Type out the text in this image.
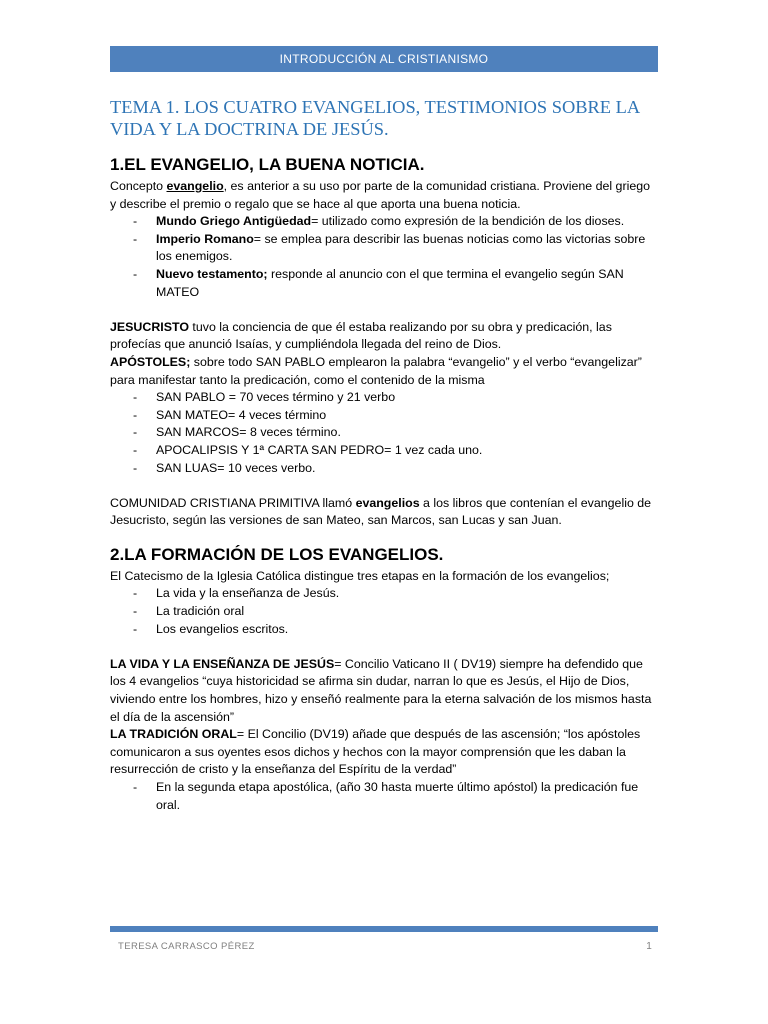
INTRODUCCIÓN AL CRISTIANISMO
TEMA 1. LOS CUATRO EVANGELIOS, TESTIMONIOS SOBRE LA VIDA Y LA DOCTRINA DE JESÚS.
1.EL EVANGELIO, LA BUENA NOTICIA.

Concepto evangelio, es anterior a su uso por parte de la comunidad cristiana. Proviene del griego y describe el premio o regalo que se hace al que aporta una buena noticia.

- Mundo Griego Antigüedad= utilizado como expresión de la bendición de los dioses.
- Imperio Romano= se emplea para describir las buenas noticias como las victorias sobre los enemigos.
- Nuevo testamento; responde al anuncio con el que termina el evangelio según SAN MATEO

JESUCRISTO tuvo la conciencia de que él estaba realizando por su obra y predicación, las profecías que anunció Isaías, y cumpliéndola llegada del reino de Dios.

APÓSTOLES; sobre todo SAN PABLO emplearon la palabra “evangelio” y el verbo “evangelizar” para manifestar tanto la predicación, como el contenido de la misma

- SAN PABLO = 70 veces término y 21 verbo
- SAN MATEO= 4 veces término
- SAN MARCOS= 8 veces término.
- APOCALIPSIS Y 1ª CARTA SAN PEDRO= 1 vez cada uno.
- SAN LUAS= 10 veces verbo.

COMUNIDAD CRISTIANA PRIMITIVA llamó evangelios a los libros que contenían el evangelio de Jesucristo, según las versiones de san Mateo, san Marcos, san Lucas y san Juan.

2.LA FORMACIÓN DE LOS EVANGELIOS.

El Catecismo de la Iglesia Católica distingue tres etapas en la formación de los evangelios;

- La vida y la enseñanza de Jesús.
- La tradición oral
- Los evangelios escritos.

LA VIDA Y LA ENSEÑANZA DE JESÚS= Concilio Vaticano II ( DV19) siempre ha defendido que los 4 evangelios “cuya historicidad se afirma sin dudar, narran lo que es Jesús, el Hijo de Dios, viviendo entre los hombres, hizo y enseñó realmente para la eterna salvación de los mismos hasta el día de la ascensión”

LA TRADICIÓN ORAL= El Concilio (DV19) añade que después de las ascensión; “los apóstoles comunicaron a sus oyentes esos dichos y hechos con la mayor comprensión que les daban la resurrección de cristo y la enseñanza del Espíritu de la verdad”

- En la segunda etapa apostólica, (año 30 hasta muerte último apóstol) la predicación fue oral.
TERESA CARRASCO PÉREZ	1
